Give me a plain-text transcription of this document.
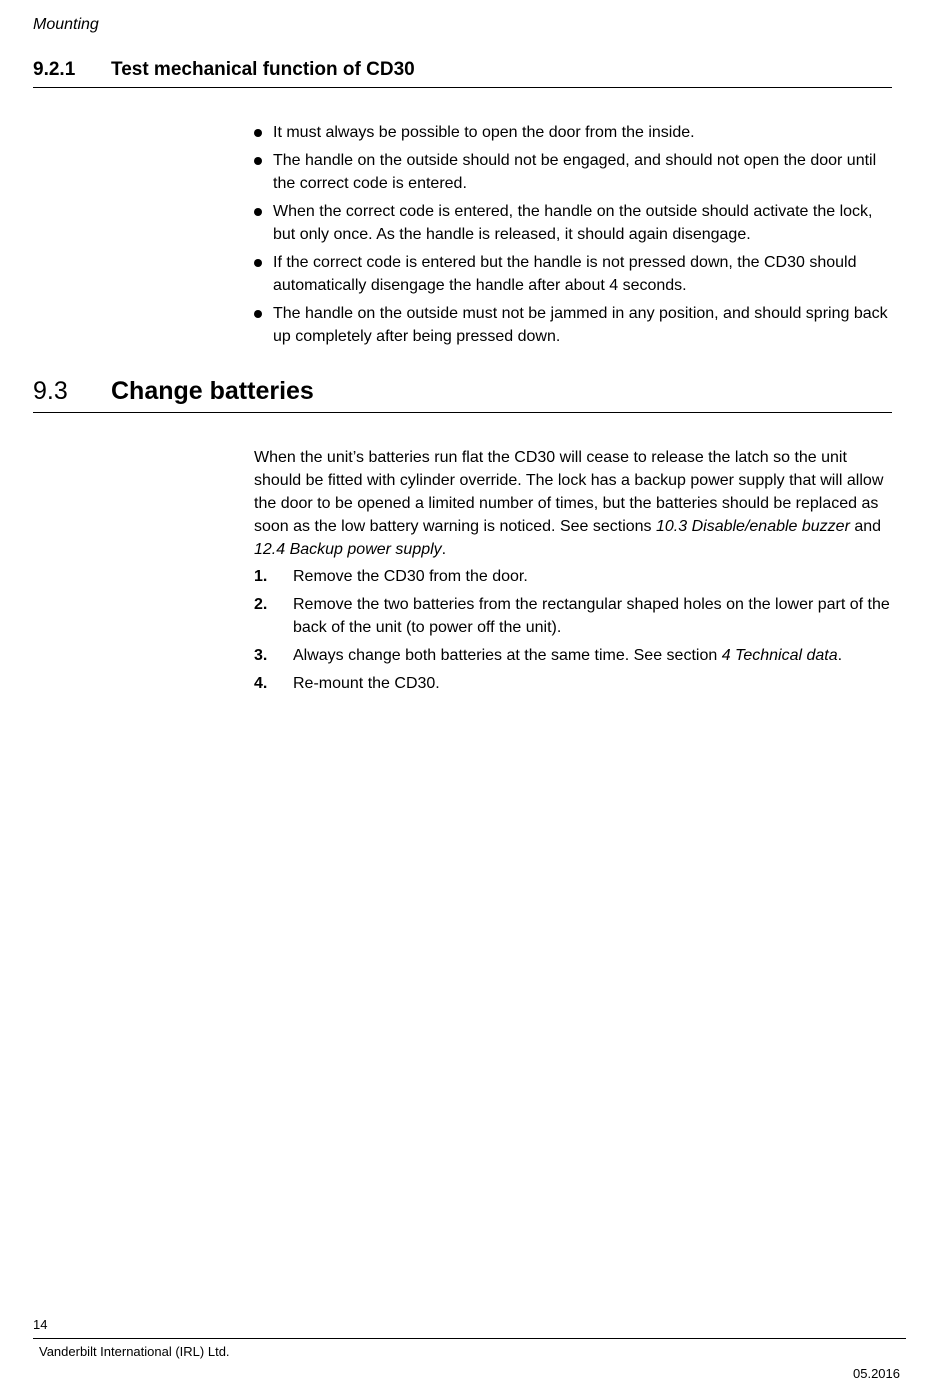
Mounting
9.2.1 Test mechanical function of CD30
It must always be possible to open the door from the inside.
The handle on the outside should not be engaged, and should not open the door until the correct code is entered.
When the correct code is entered, the handle on the outside should activate the lock, but only once. As the handle is released, it should again disengage.
If the correct code is entered but the handle is not pressed down, the CD30 should automatically disengage the handle after about 4 seconds.
The handle on the outside must not be jammed in any position, and should spring back up completely after being pressed down.
9.3 Change batteries

When the unit’s batteries run flat the CD30 will cease to release the latch so the unit should be fitted with cylinder override. The lock has a backup power supply that will allow the door to be opened a limited number of times, but the batteries should be replaced as soon as the low battery warning is noticed. See sections 10.3 Disable/enable buzzer and 12.4 Backup power supply.

1. Remove the CD30 from the door.
2. Remove the two batteries from the rectangular shaped holes on the lower part of the back of the unit (to power off the unit).
3. Always change both batteries at the same time. See section 4 Technical data.
4. Re-mount the CD30.
14
Vanderbilt International (IRL) Ltd.
05.2016
